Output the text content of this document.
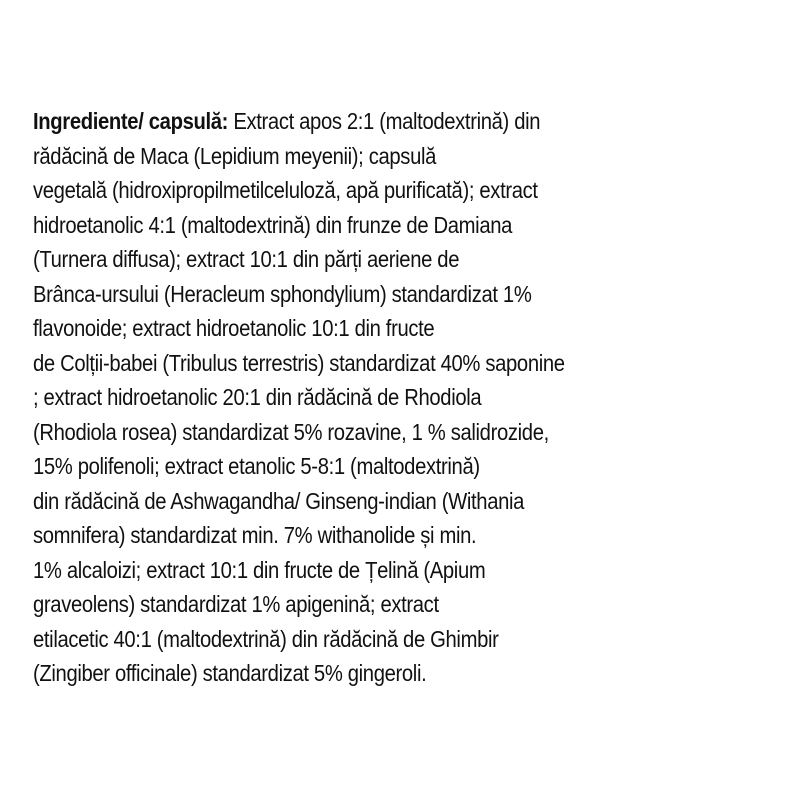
Ingrediente/ capsulă: Extract apos 2:1 (maltodextrină) din
rădăcină de Maca (Lepidium meyenii); capsulă
vegetală (hidroxipropilmetilceluloză, apă purificată); extract
hidroetanolic 4:1 (maltodextrină) din frunze de Damiana
(Turnera diffusa); extract 10:1 din părți aeriene de
Brânca-ursului (Heracleum sphondylium) standardizat 1%
flavonoide; extract hidroetanolic 10:1 din fructe
de Colții-babei (Tribulus terrestris) standardizat 40% saponine
; extract hidroetanolic 20:1 din rădăcină de Rhodiola
(Rhodiola rosea) standardizat 5% rozavine, 1 % salidrozide,
15% polifenoli; extract etanolic 5-8:1 (maltodextrină)
din rădăcină de Ashwagandha/ Ginseng-indian (Withania
somnifera) standardizat min. 7% withanolide și min.
1% alcaloizi; extract 10:1 din fructe de Țelină (Apium
graveolens) standardizat 1% apigenină; extract
etilacetic 40:1 (maltodextrină) din rădăcină de Ghimbir
(Zingiber officinale) standardizat 5% gingeroli.
